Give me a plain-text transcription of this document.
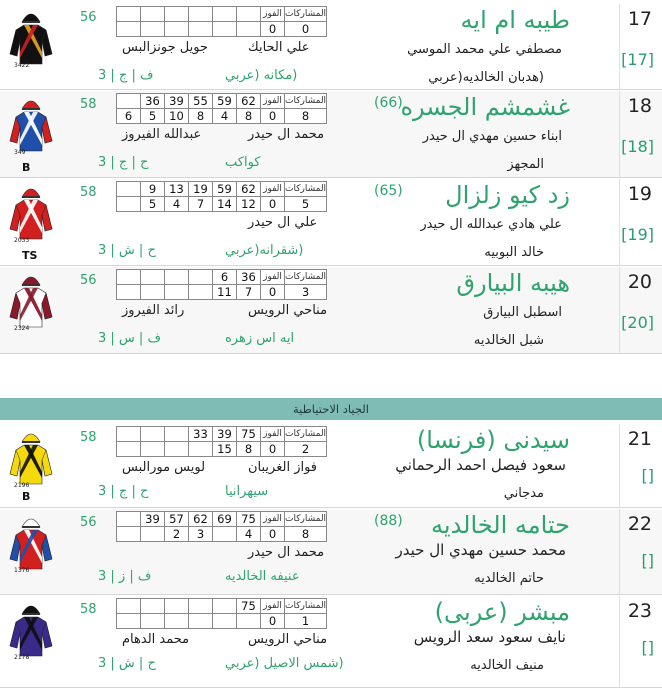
17
[17]
طيبه ام ايه
مصطفي علي محمد الموسي
علي الحايك
جويل جونزالبس
(هدبان الخالديه(عربي
(مكانه (عربي
ف | ج | 3
56
3422
						الفوز	المشاركات
						0	0
18
[18]
غشمشم الجسره
(66)
ابناء حسين مهدي ال حيدر
محمد ال حيدر
عبدالله الفيروز
المجهز
كواكب
ح | ج | 3
58
349
B
	36	39	55	59	62	الفوز	المشاركات
6	5	10	8	4	8	0	8
19
[19]
زد كيو زلزال
(65)
علي هادي عبدالله ال حيدر
علي ال حيدر
خالد البوبيه
(شقرانه(عربي
ح | ش | 3
58
2033
TS
	9	13	19	59	62	الفوز	المشاركات
	5	4	7	14	12	0	5
20
[20]
هيبه البيارق
اسطبل البيارق
مناحي الرويس
رائد الفيروز
شبل الخالديه
ايه اس زهره
ف | س | 3
56
2324
				6	36	الفوز	المشاركات
				11	7	0	3
21
[]
سيدنى (فرنسا)
سعود فيصل احمد الرحماني
فواز الغريبان
لويس مورالبس
مدجاني
سيهرانيا
ح | ج | 3
58
2196
B
			33	39	75	الفوز	المشاركات
				15	8	0	2
22
[]
حتامه الخالديه
(88)
محمد حسين مهدي ال حيدر
محمد ال حيدر
حاتم الخالديه
عنيفه الخالديه
ف | ز | 3
56
1376
	39	57	62	69	75	الفوز	المشاركات
		2	3		4	0	8
23
[]
مبشر (عربى)
نايف سعود سعد الرويس
مناحي الرويس
محمد الدهام
منيف الخالديه
(شمس الاصيل (عربي
ح | ش | 3
58
2178
					75	الفوز	المشاركات
						0	1
الجياد الاحتياطية
